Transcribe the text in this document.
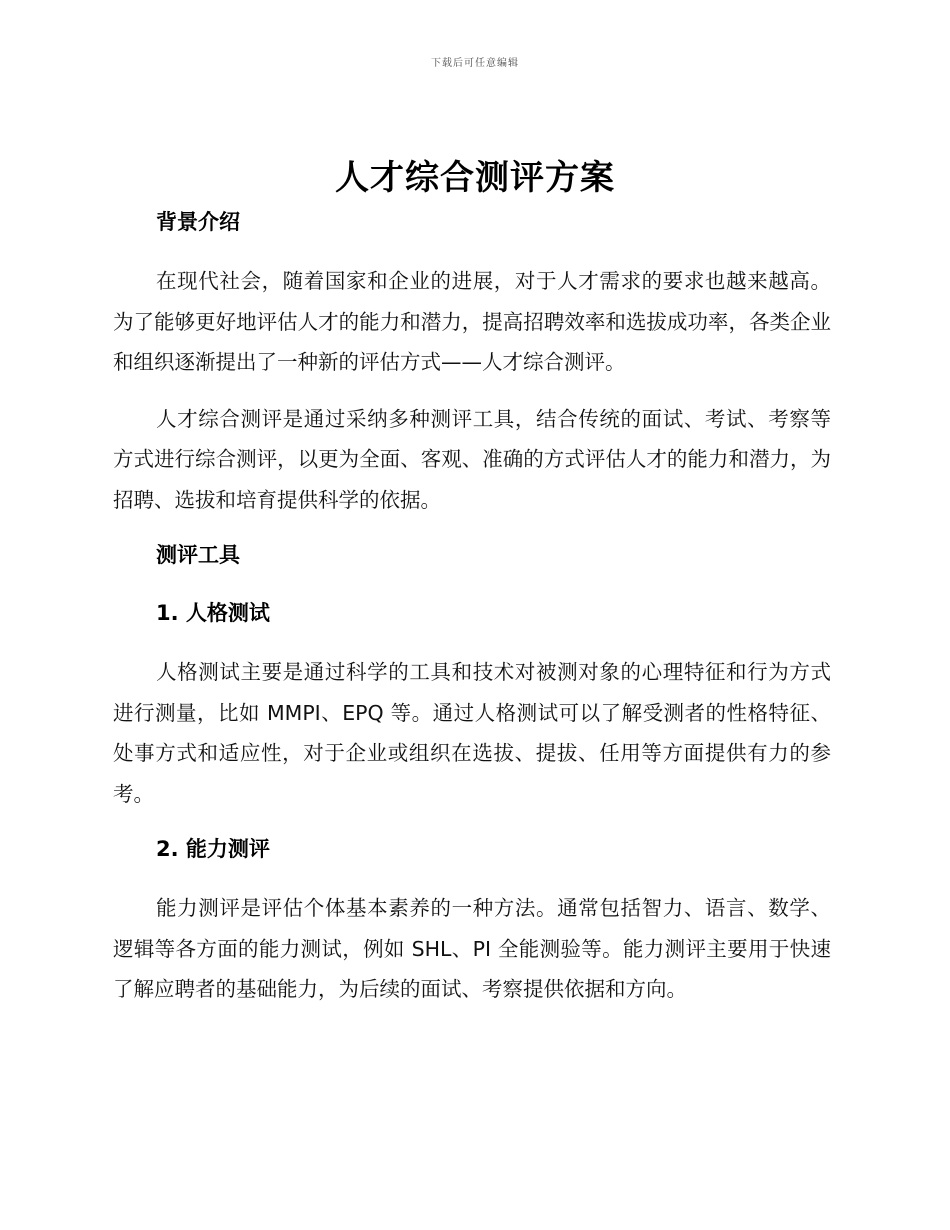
下载后可任意编辑
人才综合测评方案
背景介绍

在现代社会，随着国家和企业的进展，对于人才需求的要求也越来越高。为了能够更好地评估人才的能力和潜力，提高招聘效率和选拔成功率，各类企业和组织逐渐提出了一种新的评估方式——人才综合测评。

人才综合测评是通过采纳多种测评工具，结合传统的面试、考试、考察等方式进行综合测评，以更为全面、客观、准确的方式评估人才的能力和潜力，为招聘、选拔和培育提供科学的依据。

测评工具
1. 人格测试

人格测试主要是通过科学的工具和技术对被测对象的心理特征和行为方式进行测量，比如 MMPI、EPQ 等。通过人格测试可以了解受测者的性格特征、处事方式和适应性，对于企业或组织在选拔、提拔、任用等方面提供有力的参考。

2. 能力测评

能力测评是评估个体基本素养的一种方法。通常包括智力、语言、数学、逻辑等各方面的能力测试，例如 SHL、PI 全能测验等。能力测评主要用于快速了解应聘者的基础能力，为后续的面试、考察提供依据和方向。
